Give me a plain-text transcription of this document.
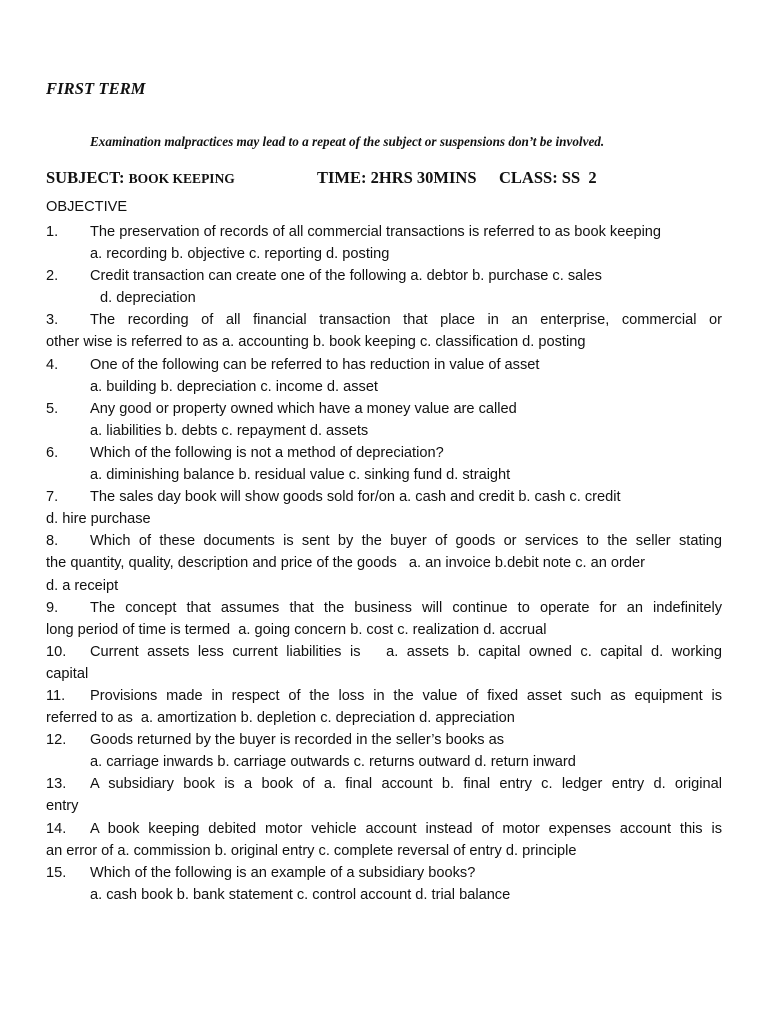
FIRST TERM
Examination malpractices may lead to a repeat of the subject or suspensions don’t be involved.
SUBJECT: BOOK KEEPING	TIME: 2HRS 30MINS CLASS: SS  2
OBJECTIVE
1. The preservation of records of all commercial transactions is referred to as book keeping
a. recording b. objective c. reporting d. posting
2. Credit transaction can create one of the following a. debtor b. purchase c. sales
d. depreciation
3. The recording of all financial transaction that place in an enterprise, commercial or
other wise is referred to as a. accounting b. book keeping c. classification d. posting
4. One of the following can be referred to has reduction in value of asset
a. building b. depreciation c. income d. asset
5. Any good or property owned which have a money value are called
a. liabilities b. debts c. repayment d. assets
6. Which of the following is not a method of depreciation?
a. diminishing balance b. residual value c. sinking fund d. straight
7. The sales day book will show goods sold for/on a. cash and credit b. cash c. credit
d. hire purchase
8. Which of these documents is sent by the buyer of goods or services to the seller stating
the quantity, quality, description and price of the goods   a. an invoice b.debit note c. an order
d. a receipt
9. The concept that assumes that the business will continue to operate for an indefinitely
long period of time is termed  a. going concern b. cost c. realization d. accrual
10. Current assets less current liabilities is   a. assets b. capital owned c. capital d. working
capital
11. Provisions made in respect of the loss in the value of fixed asset such as equipment is
referred to as  a. amortization b. depletion c. depreciation d. appreciation
12. Goods returned by the buyer is recorded in the seller’s books as
a. carriage inwards b. carriage outwards c. returns outward d. return inward
13. A subsidiary book is a book of a. final account b. final entry c. ledger entry d. original
entry
14. A book keeping debited motor vehicle account instead of motor expenses account this is
an error of a. commission b. original entry c. complete reversal of entry d. principle
15. Which of the following is an example of a subsidiary books?
a. cash book b. bank statement c. control account d. trial balance
